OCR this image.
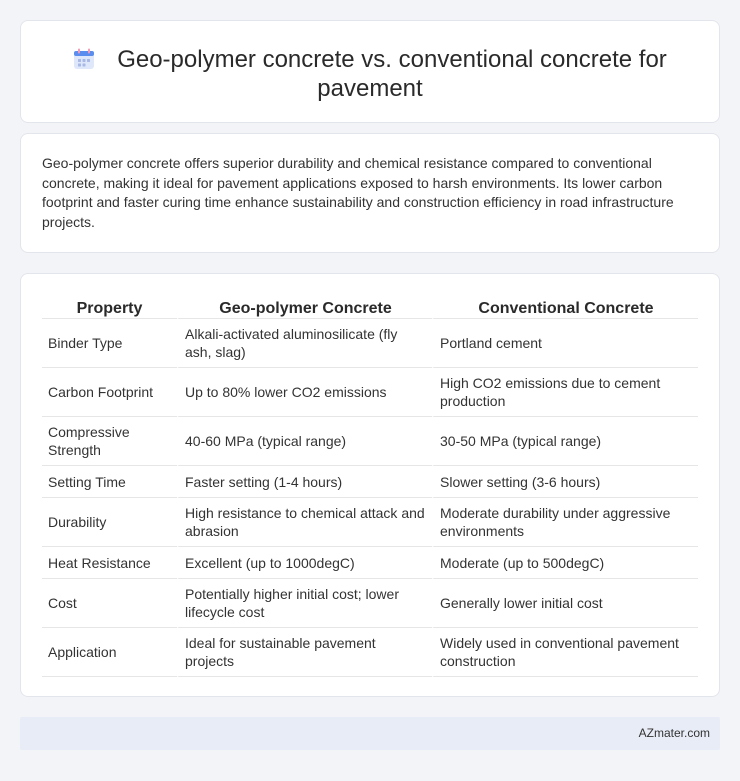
Geo-polymer concrete vs. conventional concrete for pavement

Geo-polymer concrete offers superior durability and chemical resistance compared to conventional concrete, making it ideal for pavement applications exposed to harsh environments. Its lower carbon footprint and faster curing time enhance sustainability and construction efficiency in road infrastructure projects.

Property	Geo-polymer Concrete	Conventional Concrete
Binder Type	Alkali-activated aluminosilicate (fly ash, slag)	Portland cement
Carbon Footprint	Up to 80% lower CO2 emissions	High CO2 emissions due to cement production
Compressive Strength	40-60 MPa (typical range)	30-50 MPa (typical range)
Setting Time	Faster setting (1-4 hours)	Slower setting (3-6 hours)
Durability	High resistance to chemical attack and abrasion	Moderate durability under aggressive environments
Heat Resistance	Excellent (up to 1000degC)	Moderate (up to 500degC)
Cost	Potentially higher initial cost; lower lifecycle cost	Generally lower initial cost
Application	Ideal for sustainable pavement projects	Widely used in conventional pavement construction
AZmater.com
